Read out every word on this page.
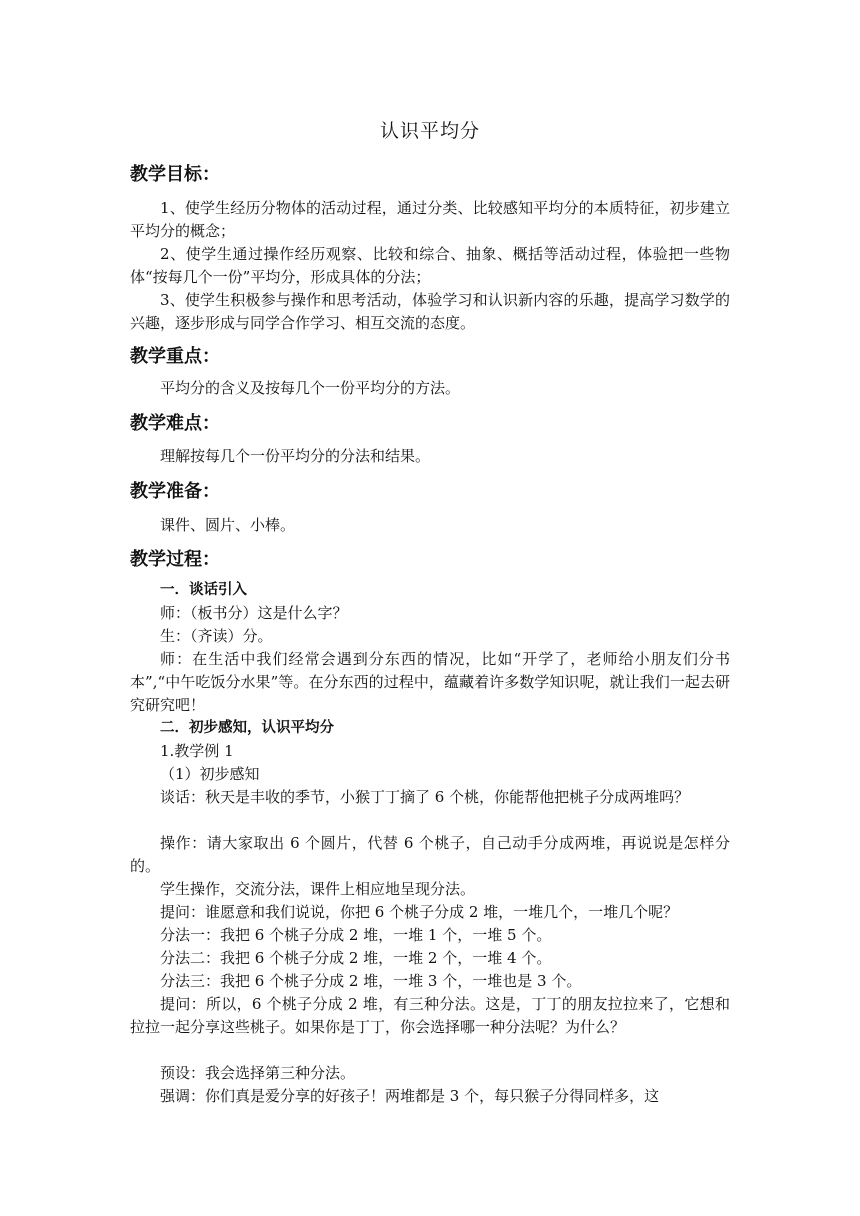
认识平均分
教学目标：
1、使学生经历分物体的活动过程，通过分类、比较感知平均分的本质特征，初步建立平均分的概念；
2、使学生通过操作经历观察、比较和综合、抽象、概括等活动过程，体验把一些物体“按每几个一份”平均分，形成具体的分法；
3、使学生积极参与操作和思考活动，体验学习和认识新内容的乐趣，提高学习数学的兴趣，逐步形成与同学合作学习、相互交流的态度。
教学重点：
平均分的含义及按每几个一份平均分的方法。
教学难点：
理解按每几个一份平均分的分法和结果。
教学准备：
课件、圆片、小棒。
教学过程：
一．谈话引入
师：（板书分）这是什么字？
生：（齐读）分。
师：在生活中我们经常会遇到分东西的情况，比如“开学了，老师给小朋友们分书本”,“中午吃饭分水果”等。在分东西的过程中，蕴藏着许多数学知识呢，就让我们一起去研究研究吧！
二．初步感知，认识平均分
1.教学例 1
（1）初步感知
谈话：秋天是丰收的季节，小猴丁丁摘了 6 个桃，你能帮他把桃子分成两堆吗？
操作：请大家取出 6 个圆片，代替 6 个桃子，自己动手分成两堆，再说说是怎样分的。
学生操作，交流分法，课件上相应地呈现分法。
提问：谁愿意和我们说说，你把 6 个桃子分成 2 堆，一堆几个，一堆几个呢？
分法一：我把 6 个桃子分成 2 堆，一堆 1 个，一堆 5 个。
分法二：我把 6 个桃子分成 2 堆，一堆 2 个，一堆 4 个。
分法三：我把 6 个桃子分成 2 堆，一堆 3 个，一堆也是 3 个。
提问：所以，6 个桃子分成 2 堆，有三种分法。这是，丁丁的朋友拉拉来了，它想和拉拉一起分享这些桃子。如果你是丁丁，你会选择哪一种分法呢？为什么？
预设：我会选择第三种分法。
强调：你们真是爱分享的好孩子！两堆都是 3 个，每只猴子分得同样多，这
